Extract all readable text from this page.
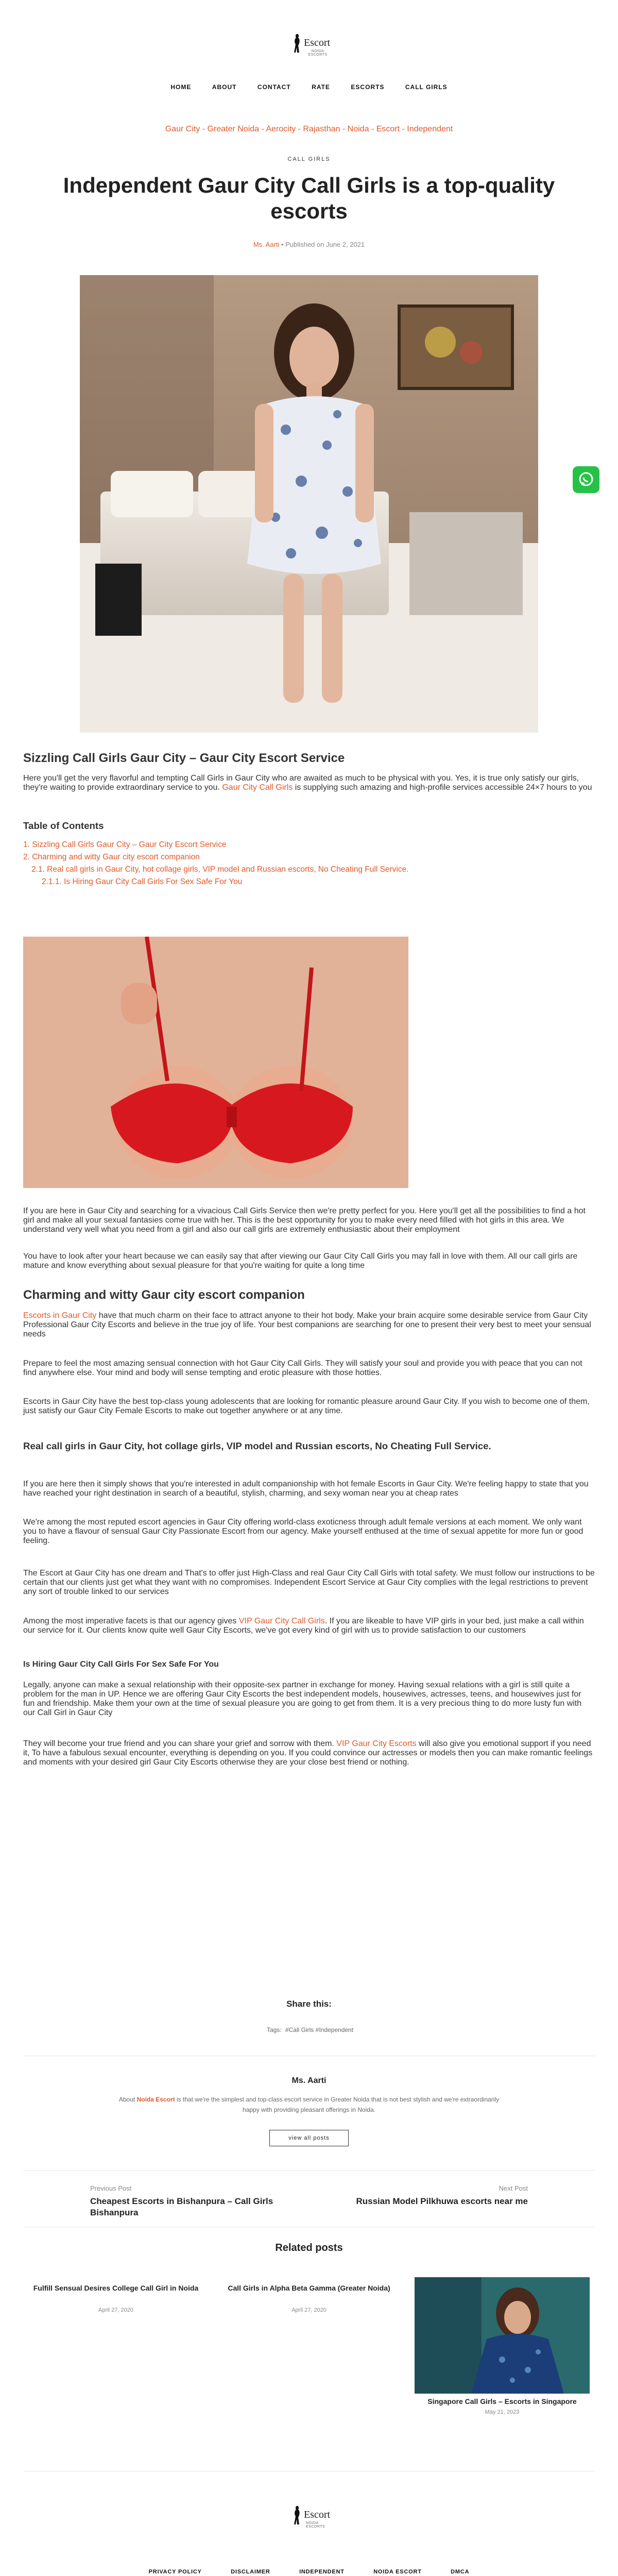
Escort
NOIDA ESCORTS
HOME	ABOUT	CONTACT	RATE	ESCORTS	CALL GIRLS
Gaur City - Greater Noida - Aerocity - Rajasthan - Noida - Escort - Independent
CALL GIRLS
Independent Gaur City Call Girls is a top-quality escorts
Ms. Aarti • Published on June 2, 2021
Sizzling Call Girls Gaur City – Gaur City Escort Service

Here you'll get the very flavorful and tempting Call Girls in Gaur City who are awaited as much to be physical with you. Yes, it is true only satisfy our girls, they're waiting to provide extraordinary service to you. Gaur City Call Girls is supplying such amazing and high-profile services accessible 24×7 hours to you

Table of Contents
1. Sizzling Call Girls Gaur City – Gaur City Escort Service
2. Charming and witty Gaur city escort companion
2.1. Real call girls in Gaur City, hot collage girls, VIP model and Russian escorts, No Cheating Full Service.
2.1.1. Is Hiring Gaur City Call Girls For Sex Safe For You

If you are here in Gaur City and searching for a vivacious Call Girls Service then we're pretty perfect for you. Here you'll get all the possibilities to find a hot girl and make all your sexual fantasies come true with her. This is the best opportunity for you to make every need filled with hot girls in this area. We understand very well what you need from a girl and also our call girls are extremely enthusiastic about their employment

You have to look after your heart because we can easily say that after viewing our Gaur City Call Girls you may fall in love with them. All our call girls are mature and know everything about sexual pleasure for that you're waiting for quite a long time

Charming and witty Gaur city escort companion

Escorts in Gaur City have that much charm on their face to attract anyone to their hot body. Make your brain acquire some desirable service from Gaur City Professional Gaur City Escorts and believe in the true joy of life. Your best companions are searching for one to present their very best to meet your sensual needs

Prepare to feel the most amazing sensual connection with hot Gaur City Call Girls. They will satisfy your soul and provide you with peace that you can not find anywhere else. Your mind and body will sense tempting and erotic pleasure with those hotties.

Escorts in Gaur City have the best top-class young adolescents that are looking for romantic pleasure around Gaur City. If you wish to become one of them, just satisfy our Gaur City Female Escorts to make out together anywhere or at any time.

Real call girls in Gaur City, hot collage girls, VIP model and Russian escorts, No Cheating Full Service.

If you are here then it simply shows that you're interested in adult companionship with hot female Escorts in Gaur City. We're feeling happy to state that you have reached your right destination in search of a beautiful, stylish, charming, and sexy woman near you at cheap rates

We're among the most reputed escort agencies in Gaur City offering world-class exoticness through adult female versions at each moment. We only want you to have a flavour of sensual Gaur City Passionate Escort from our agency. Make yourself enthused at the time of sexual appetite for more fun or good feeling.

The Escort at Gaur City has one dream and That's to offer just High-Class and real Gaur City Call Girls with total safety. We must follow our instructions to be certain that our clients just get what they want with no compromises. Independent Escort Service at Gaur City complies with the legal restrictions to prevent any sort of trouble linked to our services

Among the most imperative facets is that our agency gives VIP Gaur City Call Girls. If you are likeable to have VIP girls in your bed, just make a call within our service for it. Our clients know quite well Gaur City Escorts, we've got every kind of girl with us to provide satisfaction to our customers

Is Hiring Gaur City Call Girls For Sex Safe For You

Legally, anyone can make a sexual relationship with their opposite-sex partner in exchange for money. Having sexual relations with a girl is still quite a problem for the man in UP. Hence we are offering Gaur City Escorts the best independent models, housewives, actresses, teens, and housewives just for fun and friendship. Make them your own at the time of sexual pleasure you are going to get from them. It is a very precious thing to do more lusty fun with our Call Girl in Gaur City

They will become your true friend and you can share your grief and sorrow with them. VIP Gaur City Escorts will also give you emotional support if you need it, To have a fabulous sexual encounter, everything is depending on you. If you could convince our actresses or models then you can make romantic feelings and moments with your desired girl Gaur City Escorts otherwise they are your close best friend or nothing.

Share this:
Tags: #Call Girls #Independent
Ms. Aarti
About Noida Escort is that we're the simplest and top-class escort service in Greater Noida that is not best stylish and we're extraordinarily happy with providing pleasant offerings in Noida.
view all posts
Previous Post
Cheapest Escorts in Bishanpura – Call Girls Bishanpura
Next Post
Russian Model Pilkhuwa escorts near me
Related posts
Fulfill Sensual Desires College Call Girl in Noida
April 27, 2020
Call Girls in Alpha Beta Gamma (Greater Noida)
April 27, 2020
Singapore Call Girls – Escorts in Singapore
May 21, 2023
Escort
NOIDA ESCORTS
PRIVACY POLICY	DISCLAIMER	INDEPENDENT	NOIDA ESCORT	DMCA
